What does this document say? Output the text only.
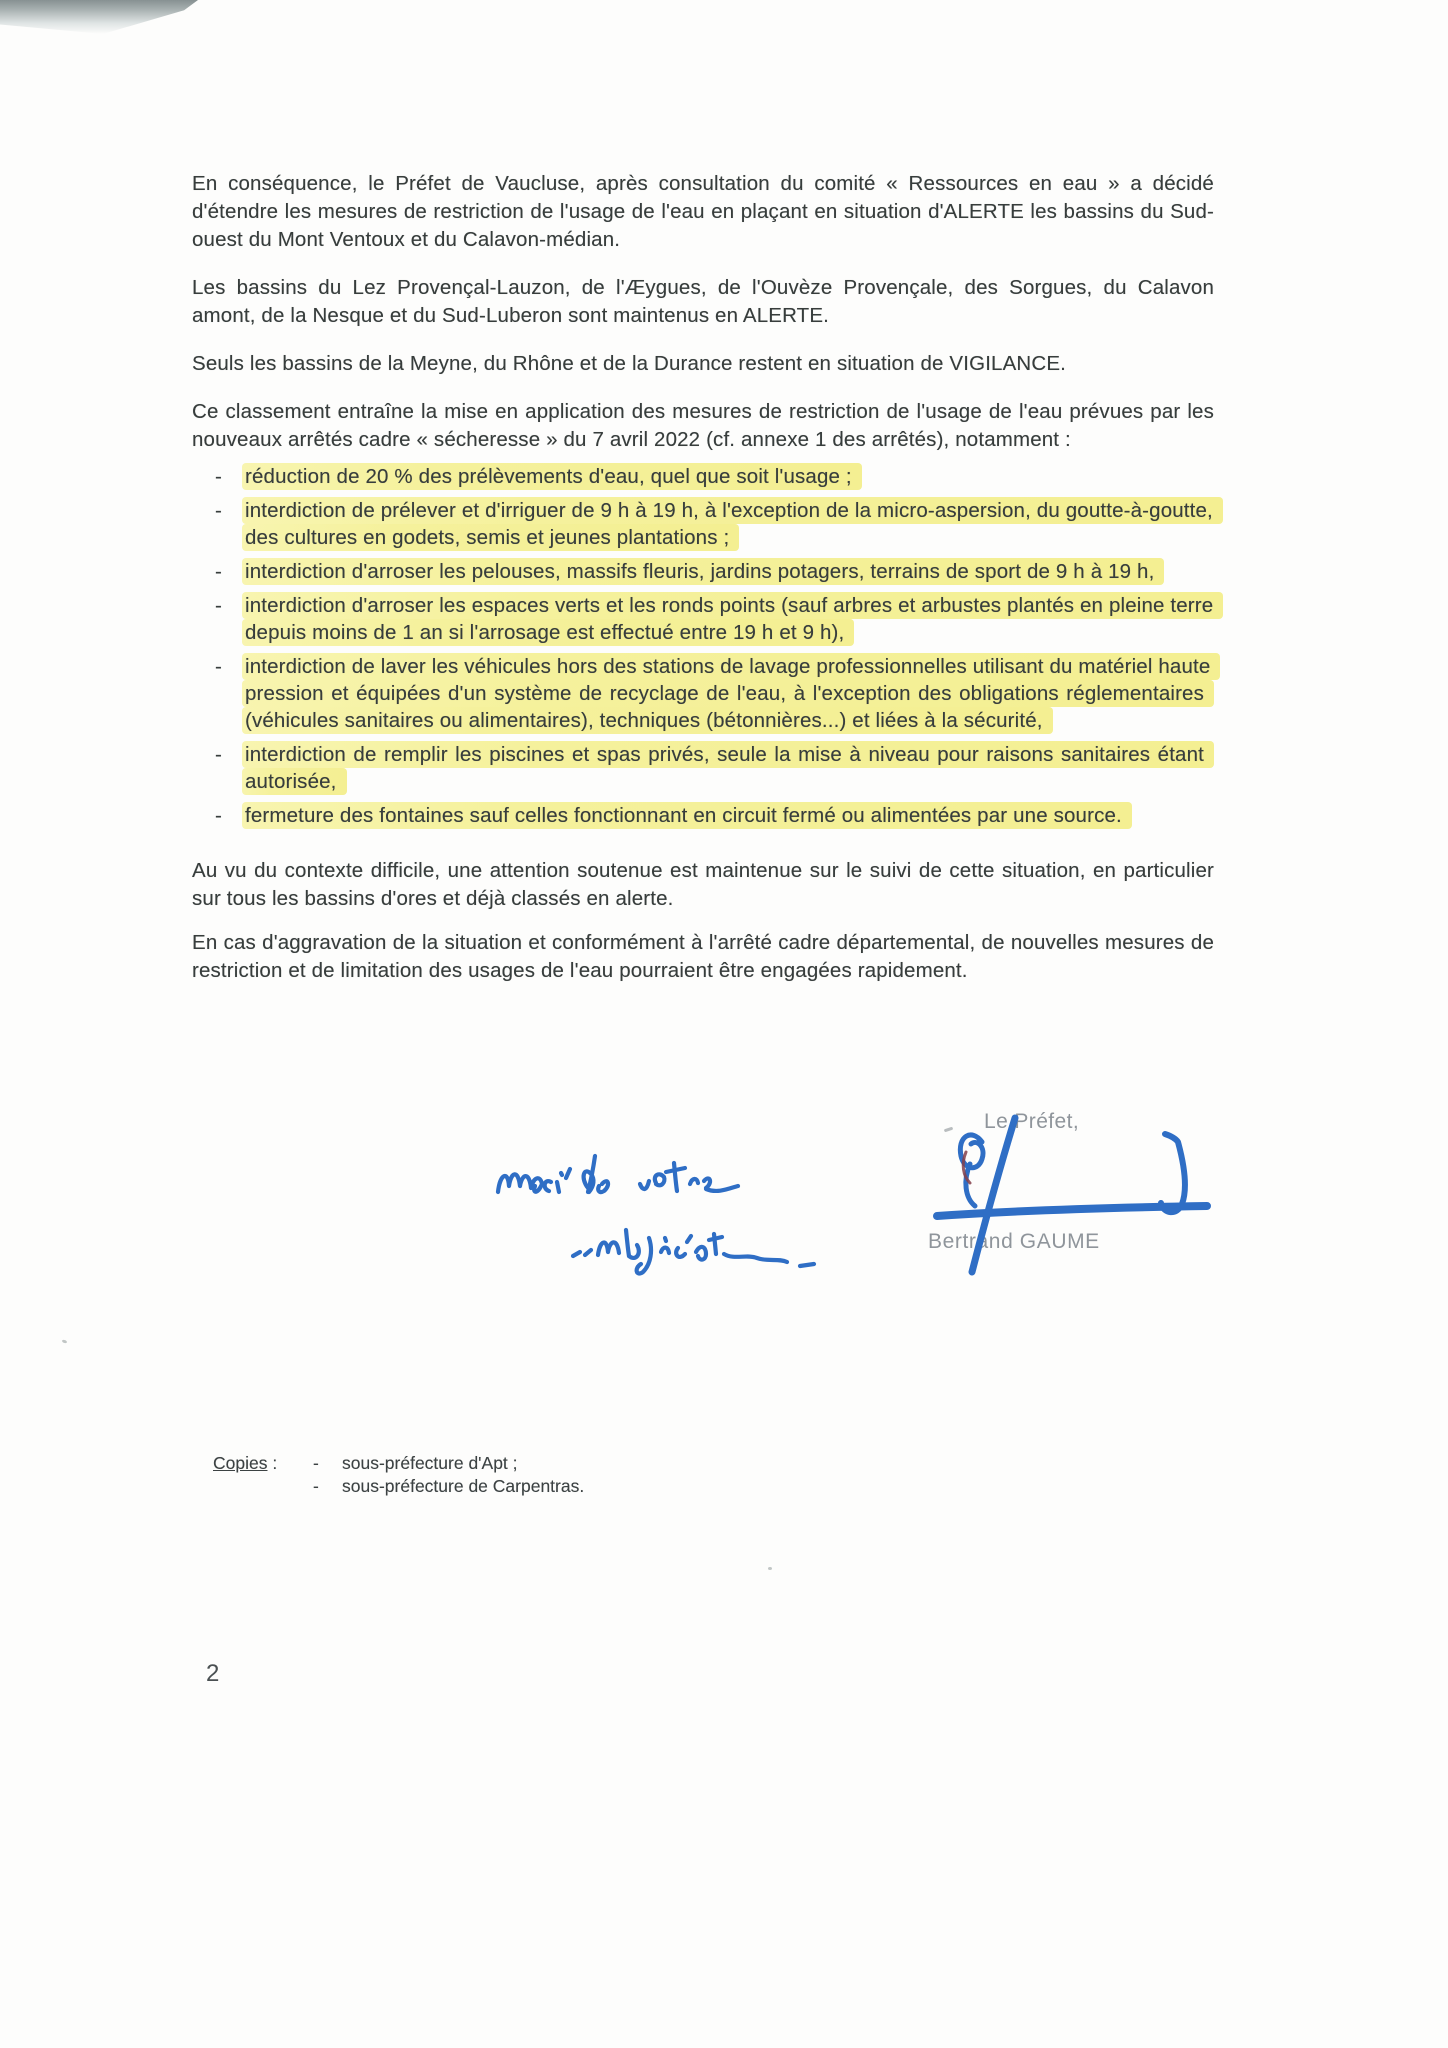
En conséquence, le Préfet de Vaucluse, après consultation du comité « Ressources en eau » a décidé d'étendre les mesures de restriction de l'usage de l'eau en plaçant en situation d'ALERTE les bassins du Sud-ouest du Mont Ventoux et du Calavon-médian.

Les bassins du Lez Provençal-Lauzon, de l'Æygues, de l'Ouvèze Provençale, des Sorgues, du Calavon amont, de la Nesque et du Sud-Luberon sont maintenus en ALERTE.

Seuls les bassins de la Meyne, du Rhône et de la Durance restent en situation de VIGILANCE.

Ce classement entraîne la mise en application des mesures de restriction de l'usage de l'eau prévues par les nouveaux arrêtés cadre « sécheresse » du 7 avril 2022 (cf. annexe 1 des arrêtés), notamment :

- réduction de 20 % des prélèvements d'eau, quel que soit l'usage ;
- interdiction de prélever et d'irriguer de 9 h à 19 h, à l'exception de la micro-aspersion, du goutte-à-goutte, des cultures en godets, semis et jeunes plantations ;
- interdiction d'arroser les pelouses, massifs fleuris, jardins potagers, terrains de sport de 9 h à 19 h,
- interdiction d'arroser les espaces verts et les ronds points (sauf arbres et arbustes plantés en pleine terre depuis moins de 1 an si l'arrosage est effectué entre 19 h et 9 h),
- interdiction de laver les véhicules hors des stations de lavage professionnelles utilisant du matériel haute pression et équipées d'un système de recyclage de l'eau, à l'exception des obligations réglementaires (véhicules sanitaires ou alimentaires), techniques (bétonnières...) et liées à la sécurité,
- interdiction de remplir les piscines et spas privés, seule la mise à niveau pour raisons sanitaires étant autorisée,
- fermeture des fontaines sauf celles fonctionnant en circuit fermé ou alimentées par une source.

Au vu du contexte difficile, une attention soutenue est maintenue sur le suivi de cette situation, en particulier sur tous les bassins d'ores et déjà classés en alerte.

En cas d'aggravation de la situation et conformément à l'arrêté cadre départemental, de nouvelles mesures de restriction et de limitation des usages de l'eau pourraient être engagées rapidement.

Le Préfet,
Bertrand GAUME
Copies :	-	sous-préfecture d'Apt ;
-	sous-préfecture de Carpentras.
2
